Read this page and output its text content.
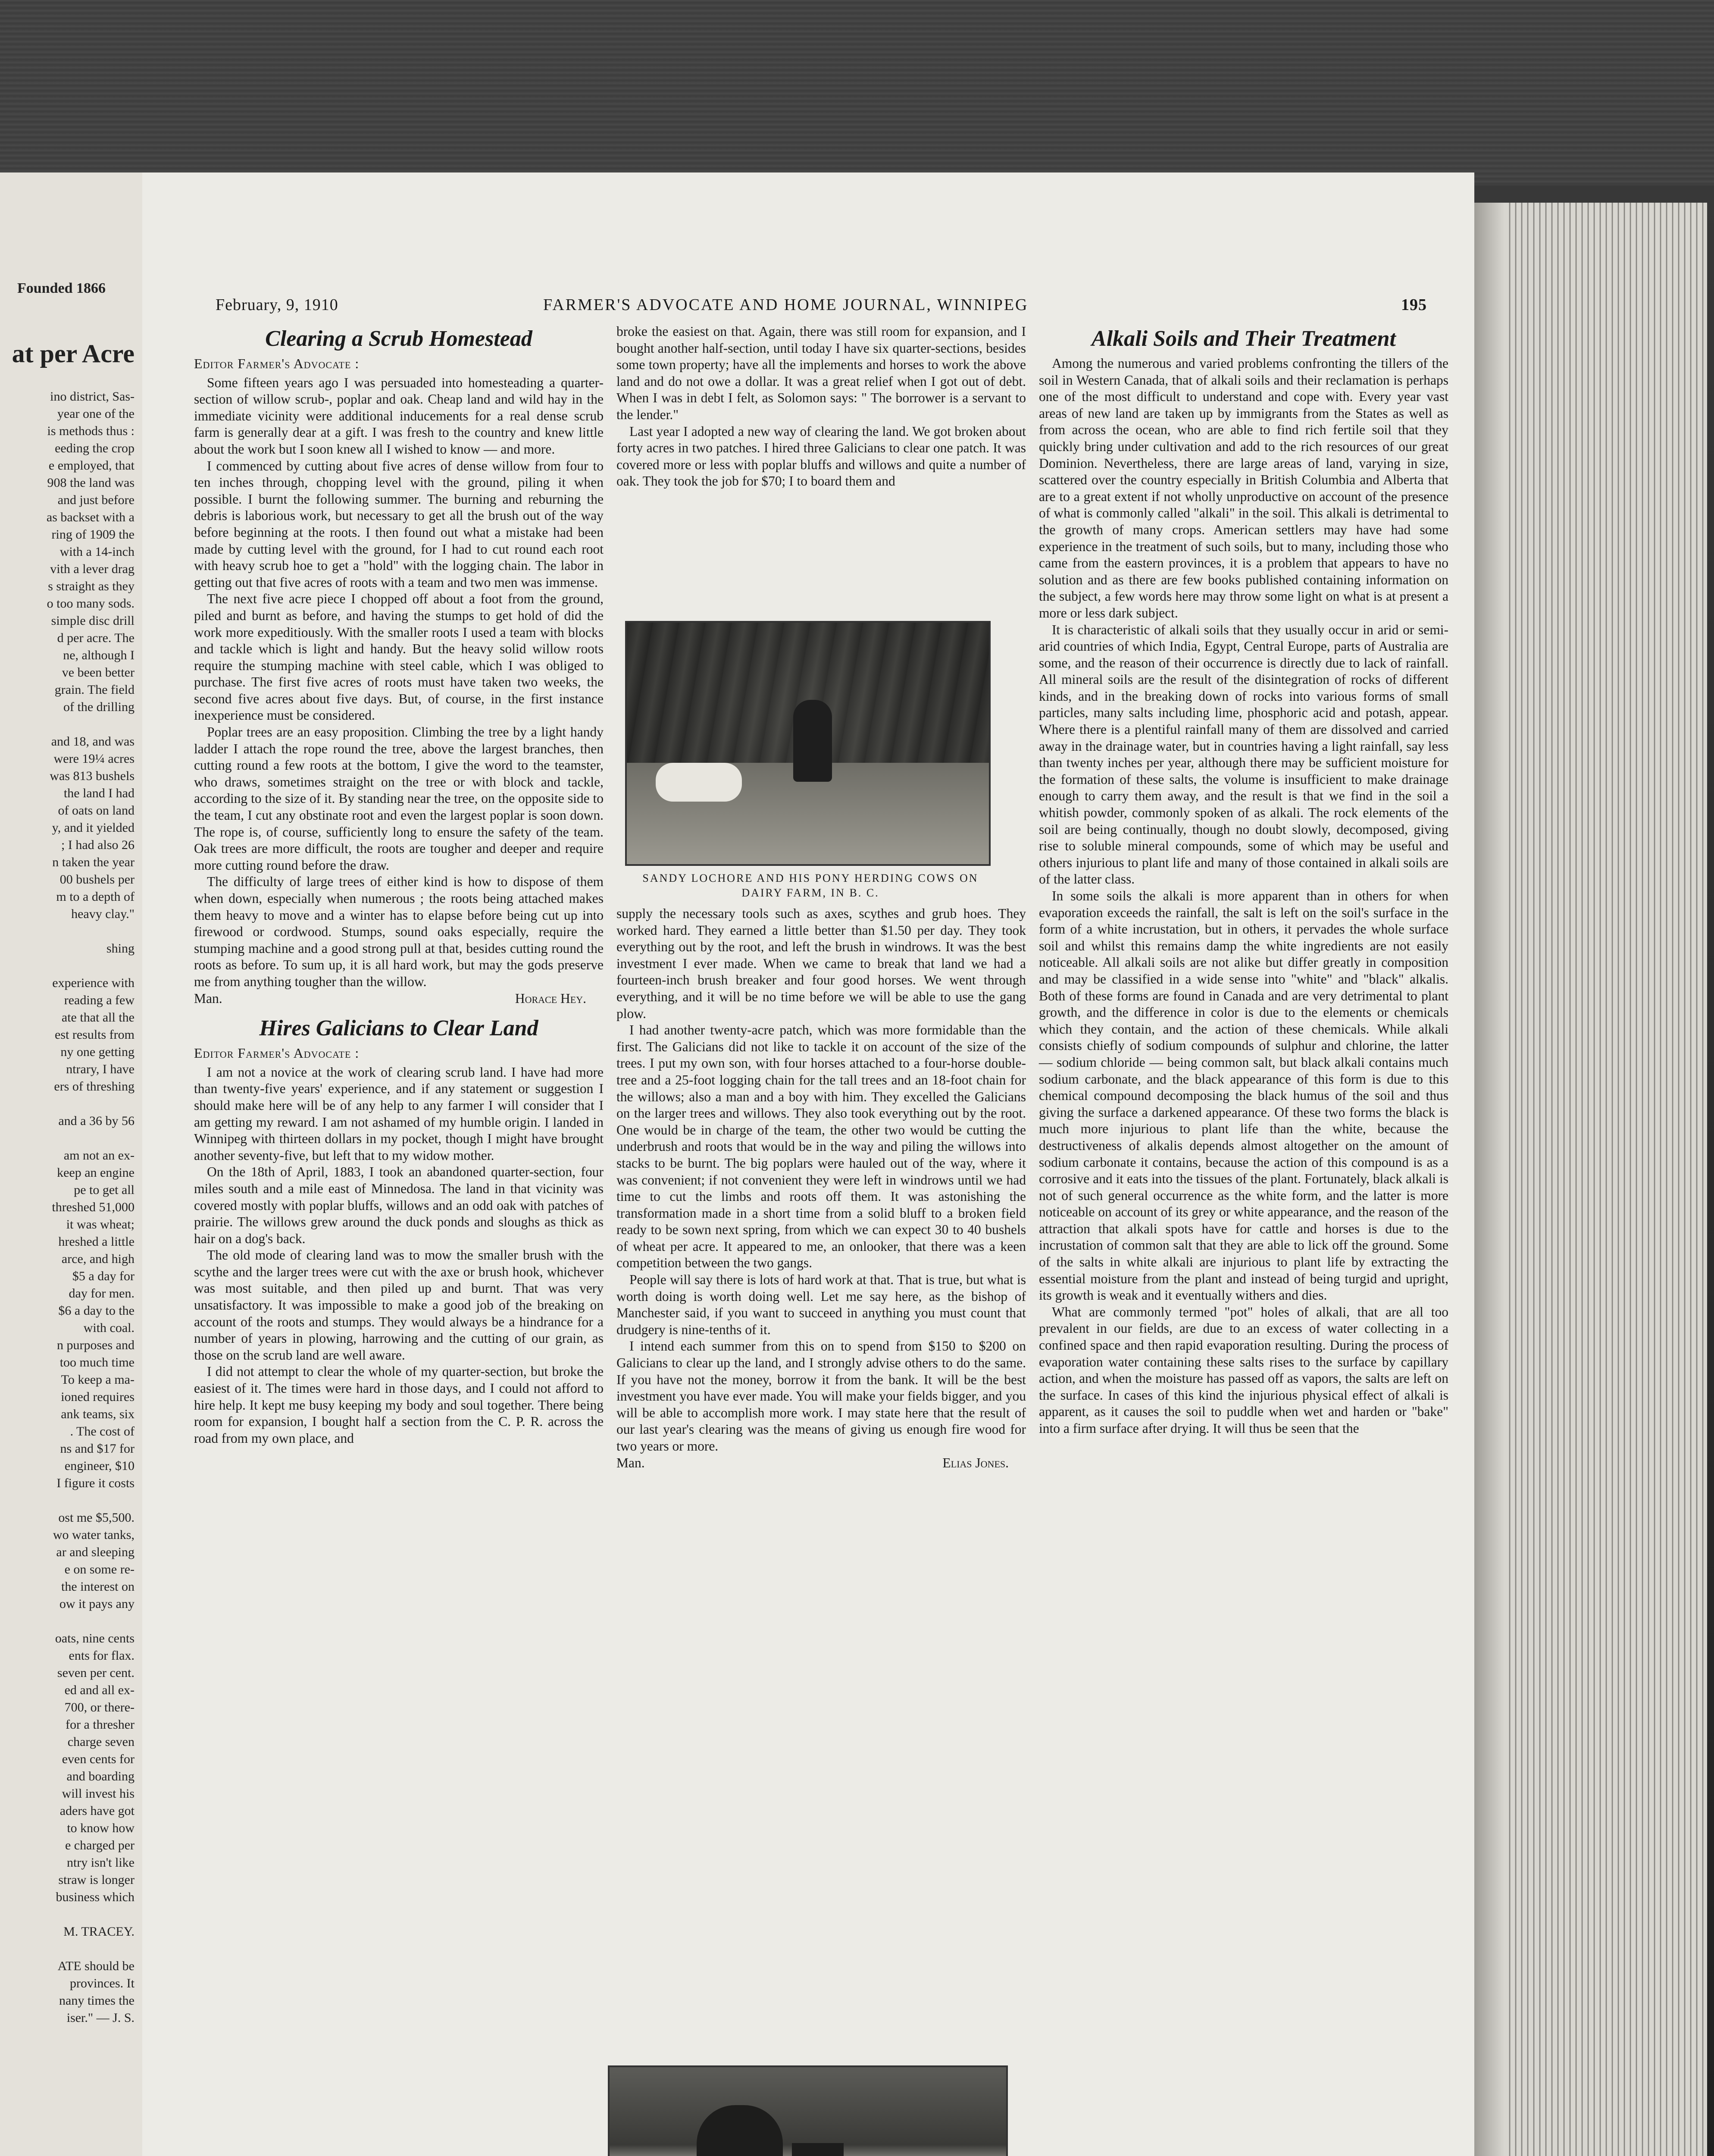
Founded 1866

at per Acre

ino district, Sas-
year one of the
is methods thus :
eeding the crop
e employed, that
908 the land was
and just before
as backset with a
ring of 1909 the
with a 14-inch
vith a lever drag
s straight as they
o too many sods.
simple disc drill
d per acre. The
ne, although I
ve been better
grain. The field
of the drilling

and 18, and was
were 19¼ acres
was 813 bushels
the land I had
of oats on land
y, and it yielded
; I had also 26
n taken the year
00 bushels per
m to a depth of
heavy clay."

shing

experience with
reading a few
ate that all the
est results from
ny one getting
ntrary, I have
ers of threshing

and a 36 by 56

am not an ex-
keep an engine
pe to get all
threshed 51,000
it was wheat;
hreshed a little
arce, and high
$5 a day for
day for men.
$6 a day to the
with coal.
n purposes and
too much time
To keep a ma-
ioned requires
ank teams, six
. The cost of
ns and $17 for
engineer, $10
I figure it costs

ost me $5,500.
wo water tanks,
ar and sleeping
e on some re-
the interest on
ow it pays any

oats, nine cents
ents for flax.
seven per cent.
ed and all ex-
700, or there-
for a thresher
charge seven
even cents for
and boarding
will invest his
aders have got
to know how
e charged per
ntry isn't like
straw is longer
business which

M. TRACEY.

ATE should be
provinces. It
nany times the
iser." — J. S.

February, 9, 1910	FARMER'S ADVOCATE AND HOME JOURNAL, WINNIPEG	195

Clearing a Scrub Homestead

Editor Farmer's Advocate :

Some fifteen years ago I was persuaded into homesteading a quarter-section of willow scrub-, poplar and oak. Cheap land and wild hay in the immediate vicinity were additional inducements for a real dense scrub farm is generally dear at a gift. I was fresh to the country and knew little about the work but I soon knew all I wished to know — and more.

I commenced by cutting about five acres of dense willow from four to ten inches through, chopping level with the ground, piling it when possible. I burnt the following summer. The burning and reburning the debris is laborious work, but necessary to get all the brush out of the way before beginning at the roots. I then found out what a mistake had been made by cutting level with the ground, for I had to cut round each root with heavy scrub hoe to get a "hold" with the logging chain. The labor in getting out that five acres of roots with a team and two men was immense.

The next five acre piece I chopped off about a foot from the ground, piled and burnt as before, and having the stumps to get hold of did the work more expeditiously. With the smaller roots I used a team with blocks and tackle which is light and handy. But the heavy solid willow roots require the stumping machine with steel cable, which I was obliged to purchase. The first five acres of roots must have taken two weeks, the second five acres about five days. But, of course, in the first instance inexperience must be considered.

Poplar trees are an easy proposition. Climbing the tree by a light handy ladder I attach the rope round the tree, above the largest branches, then cutting round a few roots at the bottom, I give the word to the teamster, who draws, sometimes straight on the tree or with block and tackle, according to the size of it. By standing near the tree, on the opposite side to the team, I cut any obstinate root and even the largest poplar is soon down. The rope is, of course, sufficiently long to ensure the safety of the team. Oak trees are more difficult, the roots are tougher and deeper and require more cutting round before the draw.

The difficulty of large trees of either kind is how to dispose of them when down, especially when numerous ; the roots being attached makes them heavy to move and a winter has to elapse before being cut up into firewood or cordwood. Stumps, sound oaks especially, require the stumping machine and a good strong pull at that, besides cutting round the roots as before. To sum up, it is all hard work, but may the gods preserve me from anything tougher than the willow.

Man.	Horace Hey.

Hires Galicians to Clear Land

Editor Farmer's Advocate :

I am not a novice at the work of clearing scrub land. I have had more than twenty-five years' experience, and if any statement or suggestion I should make here will be of any help to any farmer I will consider that I am getting my reward. I am not ashamed of my humble origin. I landed in Winnipeg with thirteen dollars in my pocket, though I might have brought another seventy-five, but left that to my widow mother.

On the 18th of April, 1883, I took an abandoned quarter-section, four miles south and a mile east of Minnedosa. The land in that vicinity was covered mostly with poplar bluffs, willows and an odd oak with patches of prairie. The willows grew around the duck ponds and sloughs as thick as hair on a dog's back.

The old mode of clearing land was to mow the smaller brush with the scythe and the larger trees were cut with the axe or brush hook, whichever was most suitable, and then piled up and burnt. That was very unsatisfactory. It was impossible to make a good job of the breaking on account of the roots and stumps. They would always be a hindrance for a number of years in plowing, harrowing and the cutting of our grain, as those on the scrub land are well aware.

I did not attempt to clear the whole of my quarter-section, but broke the easiest of it. The times were hard in those days, and I could not afford to hire help. It kept me busy keeping my body and soul together. There being room for expansion, I bought half a section from the C. P. R. across the road from my own place, and

broke the easiest on that. Again, there was still room for expansion, and I bought another half-section, until today I have six quarter-sections, besides some town property; have all the implements and horses to work the above land and do not owe a dollar. It was a great relief when I got out of debt. When I was in debt I felt, as Solomon says: " The borrower is a servant to the lender."

Last year I adopted a new way of clearing the land. We got broken about forty acres in two patches. I hired three Galicians to clear one patch. It was covered more or less with poplar bluffs and willows and quite a number of oak. They took the job for $70; I to board them and

SANDY LOCHORE AND HIS PONY HERDING COWS ON DAIRY FARM, IN B. C.

supply the necessary tools such as axes, scythes and grub hoes. They worked hard. They earned a little better than $1.50 per day. They took everything out by the root, and left the brush in windrows. It was the best investment I ever made. When we came to break that land we had a fourteen-inch brush breaker and four good horses. We went through everything, and it will be no time before we will be able to use the gang plow.

I had another twenty-acre patch, which was more formidable than the first. The Galicians did not like to tackle it on account of the size of the trees. I put my own son, with four horses attached to a four-horse double-tree and a 25-foot logging chain for the tall trees and an 18-foot chain for the willows; also a man and a boy with him. They excelled the Galicians on the larger trees and willows. They also took everything out by the root. One would be in charge of the team, the other two would be cutting the underbrush and roots that would be in the way and piling the willows into stacks to be burnt. The big poplars were hauled out of the way, where it was convenient; if not convenient they were left in windrows until we had time to cut the limbs and roots off them. It was astonishing the transformation made in a short time from a solid bluff to a broken field ready to be sown next spring, from which we can expect 30 to 40 bushels of wheat per acre. It appeared to me, an onlooker, that there was a keen competition between the two gangs.

People will say there is lots of hard work at that. That is true, but what is worth doing is worth doing well. Let me say here, as the bishop of Manchester said, if you want to succeed in anything you must count that drudgery is nine-tenths of it.

I intend each summer from this on to spend from $150 to $200 on Galicians to clear up the land, and I strongly advise others to do the same. If you have not the money, borrow it from the bank. It will be the best investment you have ever made. You will make your fields bigger, and you will be able to accomplish more work. I may state here that the result of our last year's clearing was the means of giving us enough fire wood for two years or more.

Man.	Elias Jones.

Alkali Soils and Their Treatment

Among the numerous and varied problems confronting the tillers of the soil in Western Canada, that of alkali soils and their reclamation is perhaps one of the most difficult to understand and cope with. Every year vast areas of new land are taken up by immigrants from the States as well as from across the ocean, who are able to find rich fertile soil that they quickly bring under cultivation and add to the rich resources of our great Dominion. Nevertheless, there are large areas of land, varying in size, scattered over the country especially in British Columbia and Alberta that are to a great extent if not wholly unproductive on account of the presence of what is commonly called "alkali" in the soil. This alkali is detrimental to the growth of many crops. American settlers may have had some experience in the treatment of such soils, but to many, including those who came from the eastern provinces, it is a problem that appears to have no solution and as there are few books published containing information on the subject, a few words here may throw some light on what is at present a more or less dark subject.

It is characteristic of alkali soils that they usually occur in arid or semi-arid countries of which India, Egypt, Central Europe, parts of Australia are some, and the reason of their occurrence is directly due to lack of rainfall. All mineral soils are the result of the disintegration of rocks of different kinds, and in the breaking down of rocks into various forms of small particles, many salts including lime, phosphoric acid and potash, appear. Where there is a plentiful rainfall many of them are dissolved and carried away in the drainage water, but in countries having a light rainfall, say less than twenty inches per year, although there may be sufficient moisture for the formation of these salts, the volume is insufficient to make drainage enough to carry them away, and the result is that we find in the soil a whitish powder, commonly spoken of as alkali. The rock elements of the soil are being continually, though no doubt slowly, decomposed, giving rise to soluble mineral compounds, some of which may be useful and others injurious to plant life and many of those contained in alkali soils are of the latter class.

In some soils the alkali is more apparent than in others for when evaporation exceeds the rainfall, the salt is left on the soil's surface in the form of a white incrustation, but in others, it pervades the whole surface soil and whilst this remains damp the white ingredients are not easily noticeable. All alkali soils are not alike but differ greatly in composition and may be classified in a wide sense into "white" and "black" alkalis. Both of these forms are found in Canada and are very detrimental to plant growth, and the difference in color is due to the elements or chemicals which they contain, and the action of these chemicals. While alkali consists chiefly of sodium compounds of sulphur and chlorine, the latter — sodium chloride — being common salt, but black alkali contains much sodium carbonate, and the black appearance of this form is due to this chemical compound decomposing the black humus of the soil and thus giving the surface a darkened appearance. Of these two forms the black is much more injurious to plant life than the white, because the destructiveness of alkalis depends almost altogether on the amount of sodium carbonate it contains, because the action of this compound is as a corrosive and it eats into the tissues of the plant. Fortunately, black alkali is not of such general occurrence as the white form, and the latter is more noticeable on account of its grey or white appearance, and the reason of the attraction that alkali spots have for cattle and horses is due to the incrustation of common salt that they are able to lick off the ground. Some of the salts in white alkali are injurious to plant life by extracting the essential moisture from the plant and instead of being turgid and upright, its growth is weak and it eventually withers and dies.

What are commonly termed "pot" holes of alkali, that are all too prevalent in our fields, are due to an excess of water collecting in a confined space and then rapid evaporation resulting. During the process of evaporation water containing these salts rises to the surface by capillary action, and when the moisture has passed off as vapors, the salts are left on the surface. In cases of this kind the injurious physical effect of alkali is apparent, as it causes the soil to puddle when wet and harden or "bake" into a firm surface after drying. It will thus be seen that the
